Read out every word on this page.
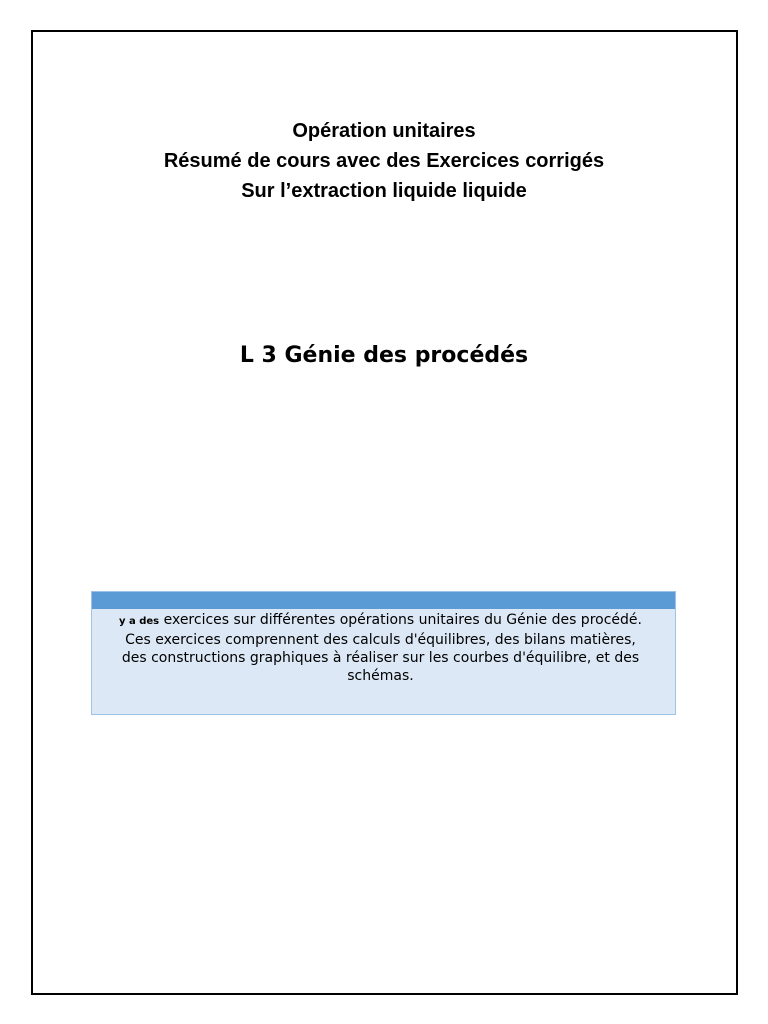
Opération unitaires
Résumé de cours avec des Exercices corrigés
Sur l’extraction liquide liquide
L 3 Génie des procédés
y a des exercices sur différentes opérations unitaires du Génie des procédé. Ces exercices comprennent des calculs d'équilibres, des bilans matières, des constructions graphiques à réaliser sur les courbes d'équilibre, et des schémas.
